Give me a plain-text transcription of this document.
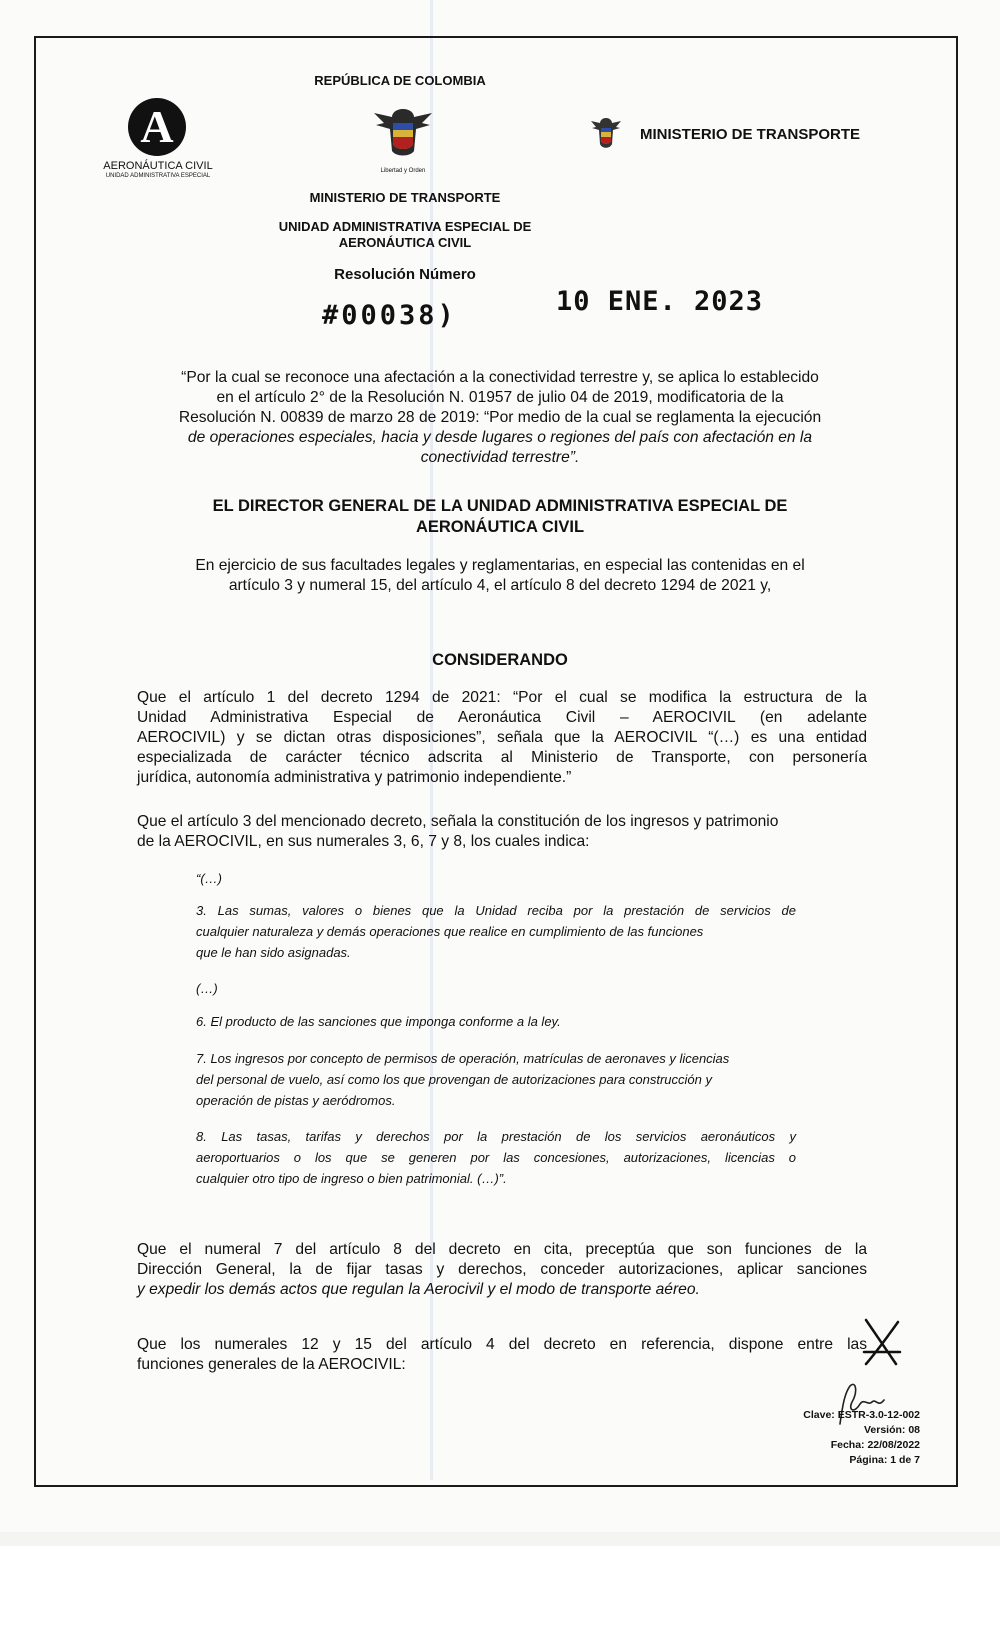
REPÚBLICA DE COLOMBIA
A
AERONÁUTICA CIVIL
UNIDAD ADMINISTRATIVA ESPECIAL
Libertad y Orden
MINISTERIO DE TRANSPORTE
MINISTERIO DE TRANSPORTE
UNIDAD ADMINISTRATIVA ESPECIAL DE
AERONÁUTICA CIVIL
Resolución Número
#00038)	10 ENE. 2023
“Por la cual se reconoce una afectación a la conectividad terrestre y, se aplica lo establecido
en el artículo 2° de la Resolución N. 01957 de julio 04 de 2019, modificatoria de la
Resolución N. 00839 de marzo 28 de 2019: “Por medio de la cual se reglamenta la ejecución
de operaciones especiales, hacia y desde lugares o regiones del país con afectación en la
conectividad terrestre”.
EL DIRECTOR GENERAL DE LA UNIDAD ADMINISTRATIVA ESPECIAL DE
AERONÁUTICA CIVIL
En ejercicio de sus facultades legales y reglamentarias, en especial las contenidas en el
artículo 3 y numeral 15, del artículo 4, el artículo 8 del decreto 1294 de 2021 y,
CONSIDERANDO
Que el artículo 1 del decreto 1294 de 2021: “Por el cual se modifica la estructura de la
Unidad Administrativa Especial de Aeronáutica Civil – AEROCIVIL (en adelante
AEROCIVIL) y se dictan otras disposiciones”, señala que la AEROCIVIL “(…) es una entidad
especializada de carácter técnico adscrita al Ministerio de Transporte, con personería
jurídica, autonomía administrativa y patrimonio independiente.”
Que el artículo 3 del mencionado decreto, señala la constitución de los ingresos y patrimonio
de la AEROCIVIL, en sus numerales 3, 6, 7 y 8, los cuales indica:
“(…)
3. Las sumas, valores o bienes que la Unidad reciba por la prestación de servicios de
cualquier naturaleza y demás operaciones que realice en cumplimiento de las funciones
que le han sido asignadas.
(…)
6. El producto de las sanciones que imponga conforme a la ley.
7. Los ingresos por concepto de permisos de operación, matrículas de aeronaves y licencias
del personal de vuelo, así como los que provengan de autorizaciones para construcción y
operación de pistas y aeródromos.
8. Las tasas, tarifas y derechos por la prestación de los servicios aeronáuticos y
aeroportuarios o los que se generen por las concesiones, autorizaciones, licencias o
cualquier otro tipo de ingreso o bien patrimonial. (…)”.
Que el numeral 7 del artículo 8 del decreto en cita, preceptúa que son funciones de la
Dirección General, la de fijar tasas y derechos, conceder autorizaciones, aplicar sanciones
y expedir los demás actos que regulan la Aerocivil y el modo de transporte aéreo.
Que los numerales 12 y 15 del artículo 4 del decreto en referencia, dispone entre las
funciones generales de la AEROCIVIL:
Clave: ESTR-3.0-12-002
Versión: 08
Fecha: 22/08/2022
Página: 1 de 7
